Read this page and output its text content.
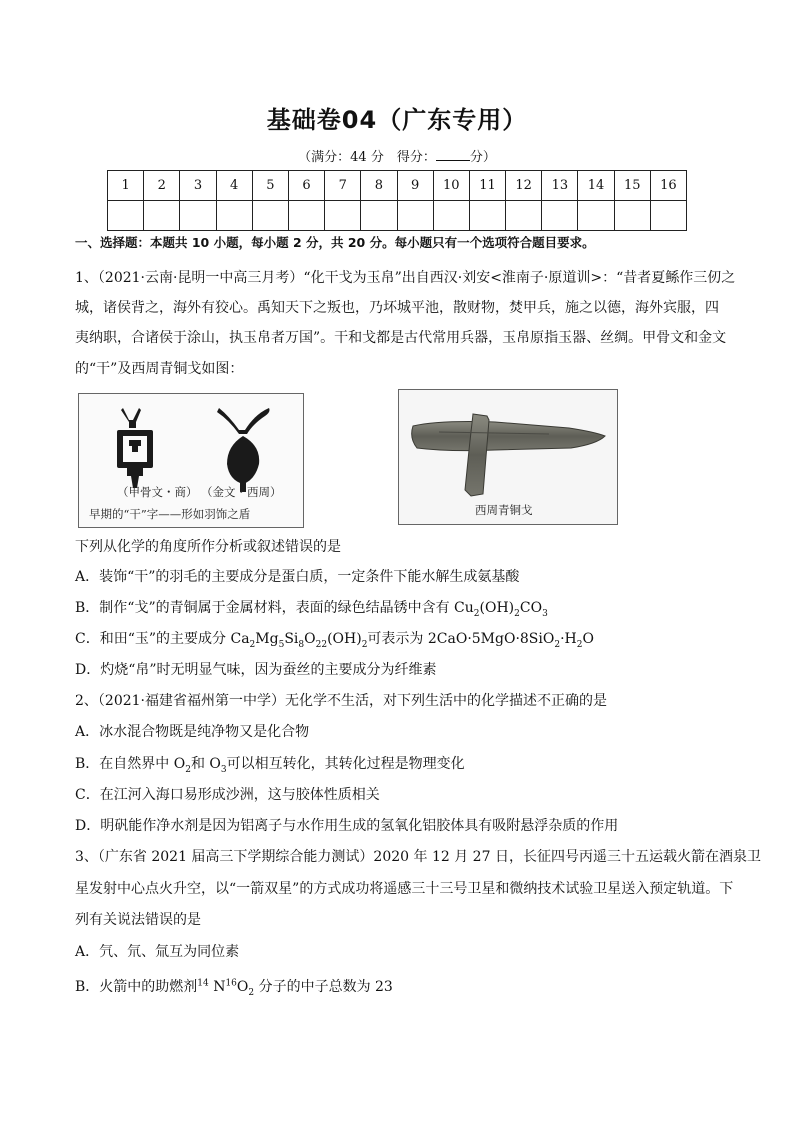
基础卷04（广东专用）
（满分：44 分　得分：	分）
1	2	3	4	5	6	7	8	9	10	11	12	13	14	15	16

一、选择题：本题共 10 小题，每小题 2 分，共 20 分。每小题只有一个选项符合题目要求。
1、（2021·云南·昆明一中高三月考）“化干戈为玉帛”出自西汉·刘安<淮南子·原道训>：“昔者夏鲧作三仞之
城，诸侯背之，海外有狡心。禹知天下之叛也，乃坏城平池，散财物，焚甲兵，施之以德，海外宾服，四
夷纳职，合诸侯于涂山，执玉帛者万国”。干和戈都是古代常用兵器，玉帛原指玉器、丝绸。甲骨文和金文
的“干”及西周青铜戈如图：
（甲骨文・商） （金文・西周）
早期的“干”字——形如羽饰之盾	西周青铜戈
下列从化学的角度所作分析或叙述错误的是
A．装饰“干”的羽毛的主要成分是蛋白质，一定条件下能水解生成氨基酸
B．制作“戈”的青铜属于金属材料，表面的绿色结晶锈中含有 $Cu_2(OH)_2CO_3$
C．和田“玉”的主要成分 $Ca_2Mg_5Si_8O_{22}(OH)_2$可表示为 $2CaO\cdot 5MgO\cdot 8SiO_2\cdot H_2O$
D．灼烧“帛”时无明显气味，因为蚕丝的主要成分为纤维素
2、（2021·福建省福州第一中学）无化学不生活，对下列生活中的化学描述不正确的是
A．冰水混合物既是纯净物又是化合物
B．在自然界中 $O_2$和 $O_3$可以相互转化，其转化过程是物理变化
C．在江河入海口易形成沙洲，这与胶体性质相关
D．明矾能作净水剂是因为铝离子与水作用生成的氢氧化铝胶体具有吸附悬浮杂质的作用
3、（广东省 2021 届高三下学期综合能力测试）2020 年 12 月 27 日，长征四号丙遥三十五运载火箭在酒泉卫
星发射中心点火升空，以“一箭双星”的方式成功将遥感三十三号卫星和微纳技术试验卫星送入预定轨道。下
列有关说法错误的是
A．氕、氘、氚互为同位素
B．火箭中的助燃剂$^{14}$ $N^{16}O_2$ 分子的中子总数为 23
